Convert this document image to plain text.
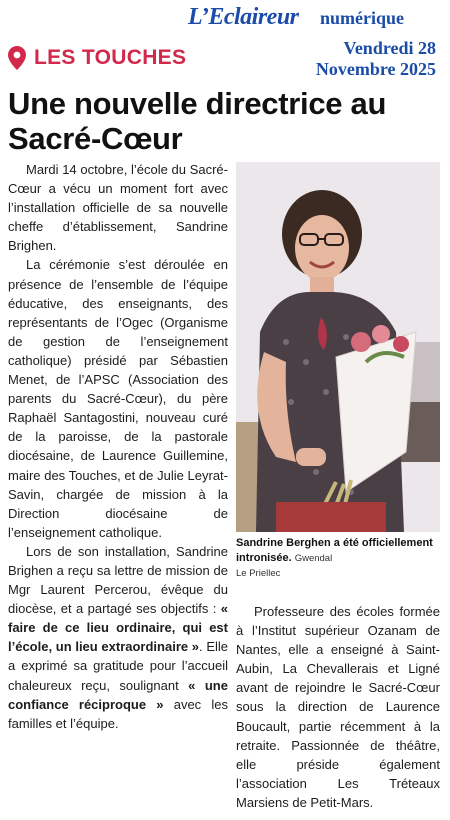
L’Eclaireur numérique
Vendredi 28
Novembre 2025
LES TOUCHES
Une nouvelle directrice au Sacré-Cœur

Mardi 14 octobre, l’école du Sacré-Cœur a vécu un moment fort avec l’installation officielle de sa nouvelle cheffe d’établissement, Sandrine Brighen.

La cérémonie s’est déroulée en présence de l’ensemble de l’équipe éducative, des enseignants, des représentants de l’Ogec (Organisme de gestion de l’enseignement catholique) présidé par Sébastien Menet, de l’APSC (Association des parents du Sacré-Cœur), du père Raphaël Santagostini, nouveau curé de la paroisse, de la pastorale diocésaine, de Laurence Guillemine, maire des Touches, et de Julie Leyrat-Savin, chargée de mission à la Direction diocésaine de l’enseignement catholique.

Lors de son installation, Sandrine Brighen a reçu sa lettre de mission de Mgr Laurent Percerou, évêque du diocèse, et a partagé ses objectifs : « faire de ce lieu ordinaire, qui est l’école, un lieu extraordinaire ». Elle a exprimé sa gratitude pour l’accueil chaleureux reçu, soulignant « une confiance réciproque » avec les familles et l’équipe.

Sandrine Berghen a été officiellement intronisée. Gwendal
Le Priellec

Professeure des écoles formée à l’Institut supérieur Ozanam de Nantes, elle a enseigné à Saint-Aubin, La Chevallerais et Ligné avant de rejoindre le Sacré-Cœur sous la direction de Laurence Boucault, partie récemment à la retraite. Passionnée de théâtre, elle préside également l’association Les Tréteaux Marsiens de Petit-Mars.
